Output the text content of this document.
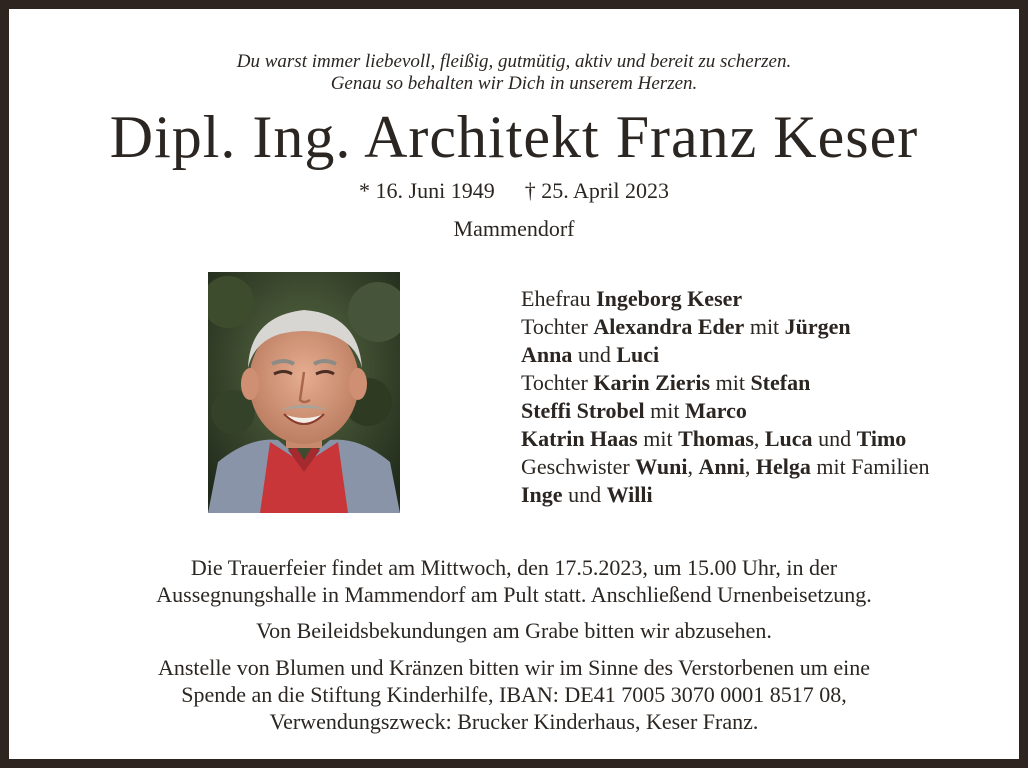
Du warst immer liebevoll, fleißig, gutmütig, aktiv und bereit zu scherzen.
Genau so behalten wir Dich in unserem Herzen.
Dipl. Ing. Architekt Franz Keser
* 16. Juni 1949 † 25. April 2023
Mammendorf
Ehefrau Ingeborg Keser
Tochter Alexandra Eder mit Jürgen
Anna und Luci
Tochter Karin Zieris mit Stefan
Steffi Strobel mit Marco
Katrin Haas mit Thomas, Luca und Timo
Geschwister Wuni, Anni, Helga mit Familien
Inge und Willi
Die Trauerfeier findet am Mittwoch, den 17.5.2023, um 15.00 Uhr, in der
Aussegnungshalle in Mammendorf am Pult statt. Anschließend Urnenbeisetzung.
Von Beileidsbekundungen am Grabe bitten wir abzusehen.
Anstelle von Blumen und Kränzen bitten wir im Sinne des Verstorbenen um eine
Spende an die Stiftung Kinderhilfe, IBAN: DE41 7005 3070 0001 8517 08,
Verwendungszweck: Brucker Kinderhaus, Keser Franz.
